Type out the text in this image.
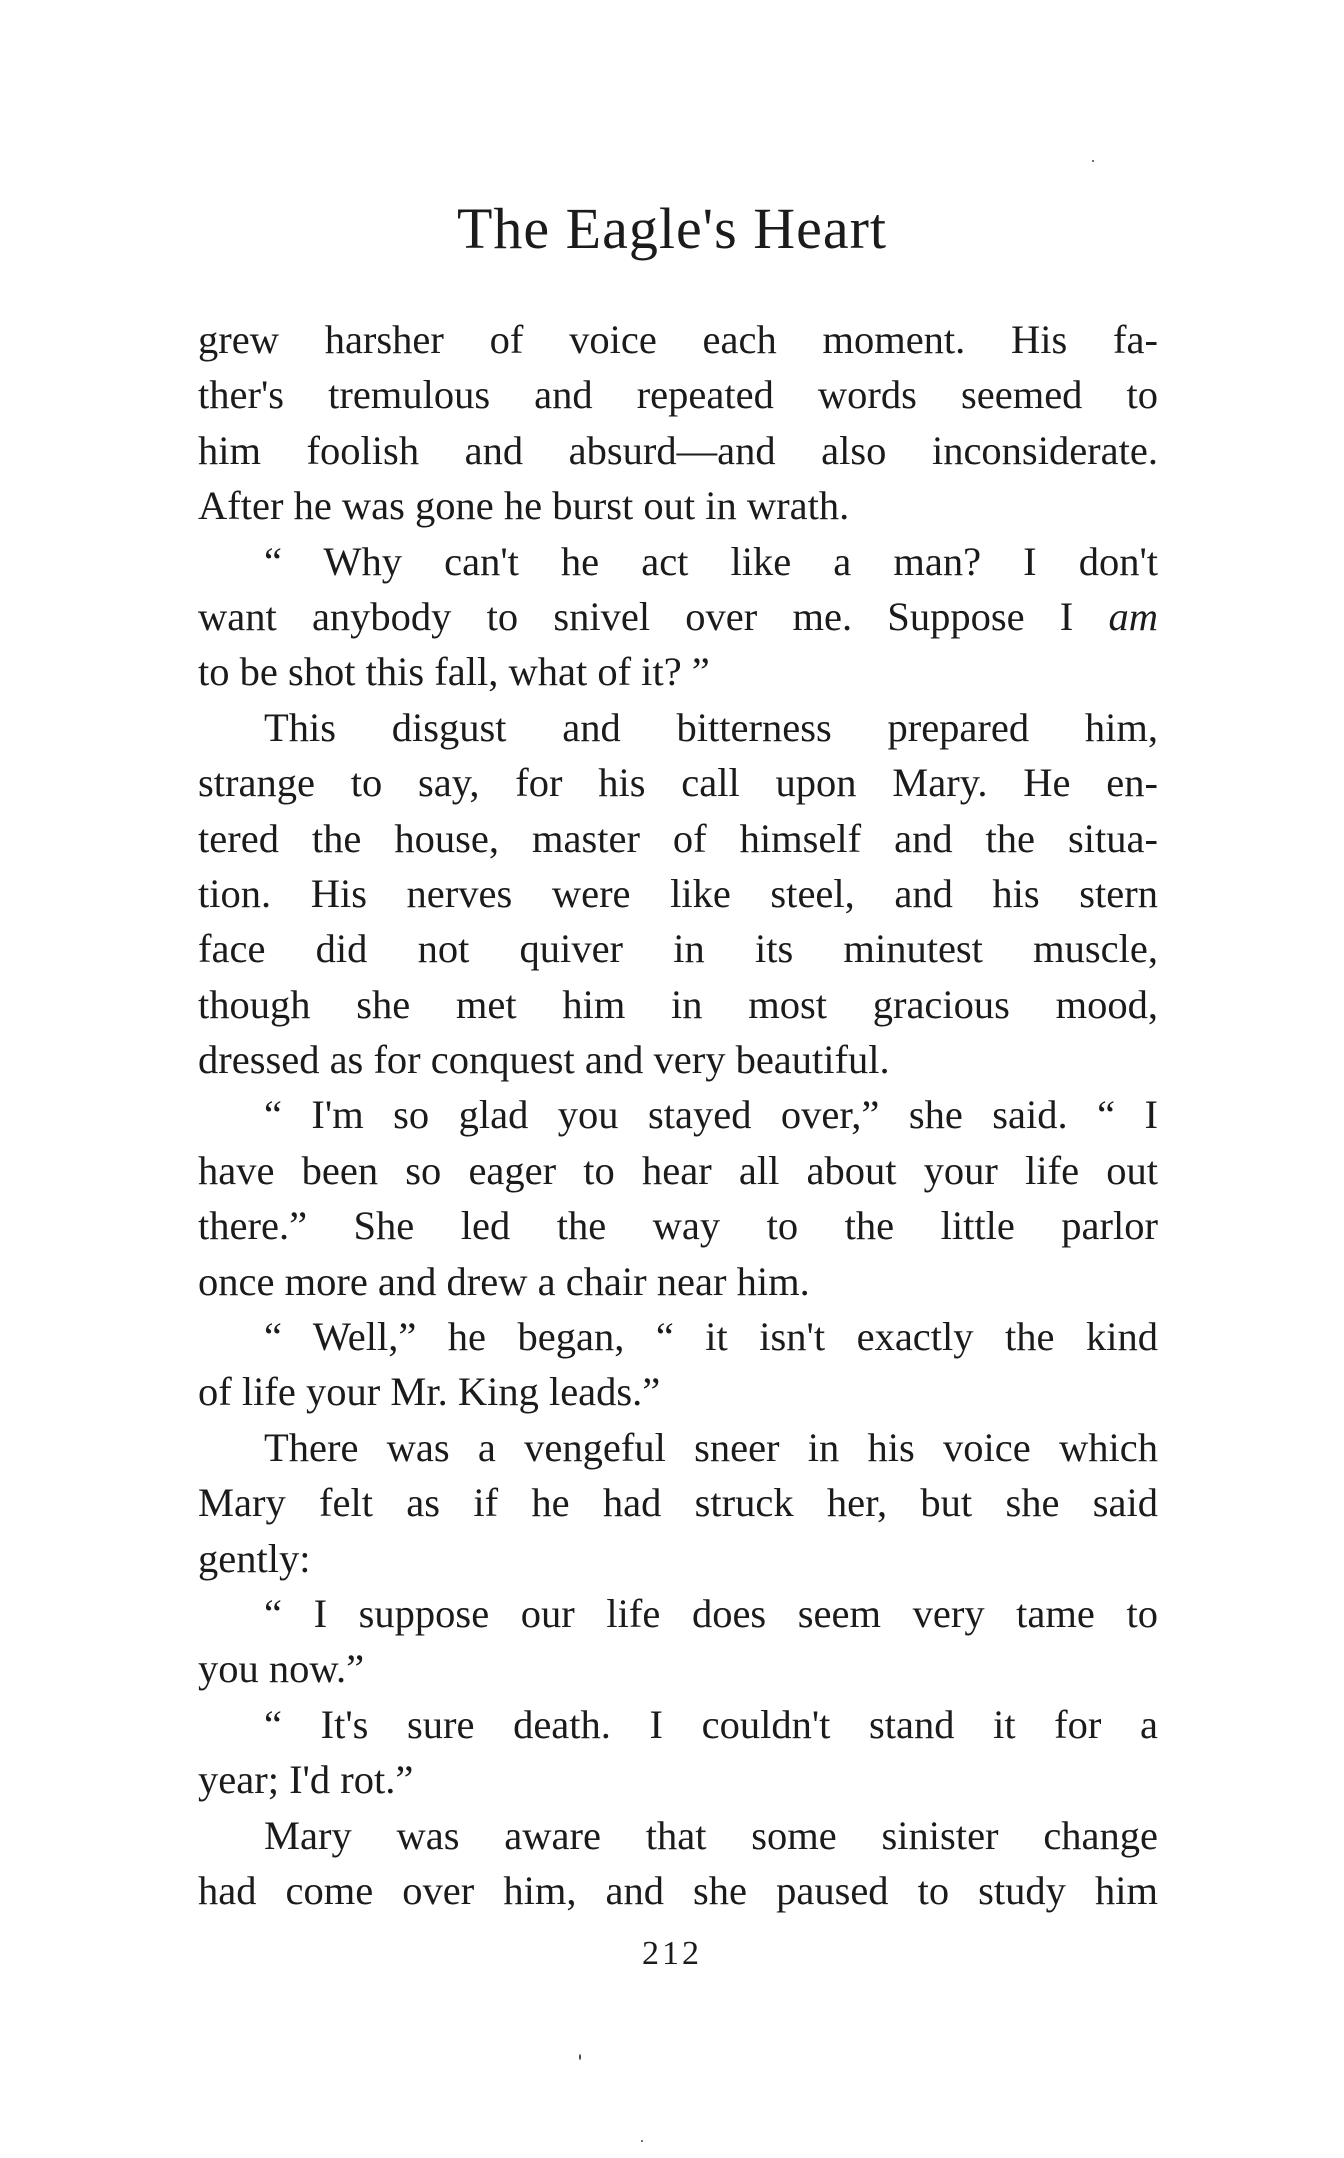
The Eagle's Heart
grew harsher of voice each moment. His fa-
ther's tremulous and repeated words seemed to
him foolish and absurd—and also inconsiderate.
After he was gone he burst out in wrath.
“ Why can't he act like a man? I don't
want anybody to snivel over me. Suppose I am
to be shot this fall, what of it? ”
This disgust and bitterness prepared him,
strange to say, for his call upon Mary. He en-
tered the house, master of himself and the situa-
tion. His nerves were like steel, and his stern
face did not quiver in its minutest muscle,
though she met him in most gracious mood,
dressed as for conquest and very beautiful.
“ I'm so glad you stayed over,” she said. “ I
have been so eager to hear all about your life out
there.” She led the way to the little parlor
once more and drew a chair near him.
“ Well,” he began, “ it isn't exactly the kind
of life your Mr. King leads.”
There was a vengeful sneer in his voice which
Mary felt as if he had struck her, but she said
gently:
“ I suppose our life does seem very tame to
you now.”
“ It's sure death. I couldn't stand it for a
year; I'd rot.”
Mary was aware that some sinister change
had come over him, and she paused to study him
212
